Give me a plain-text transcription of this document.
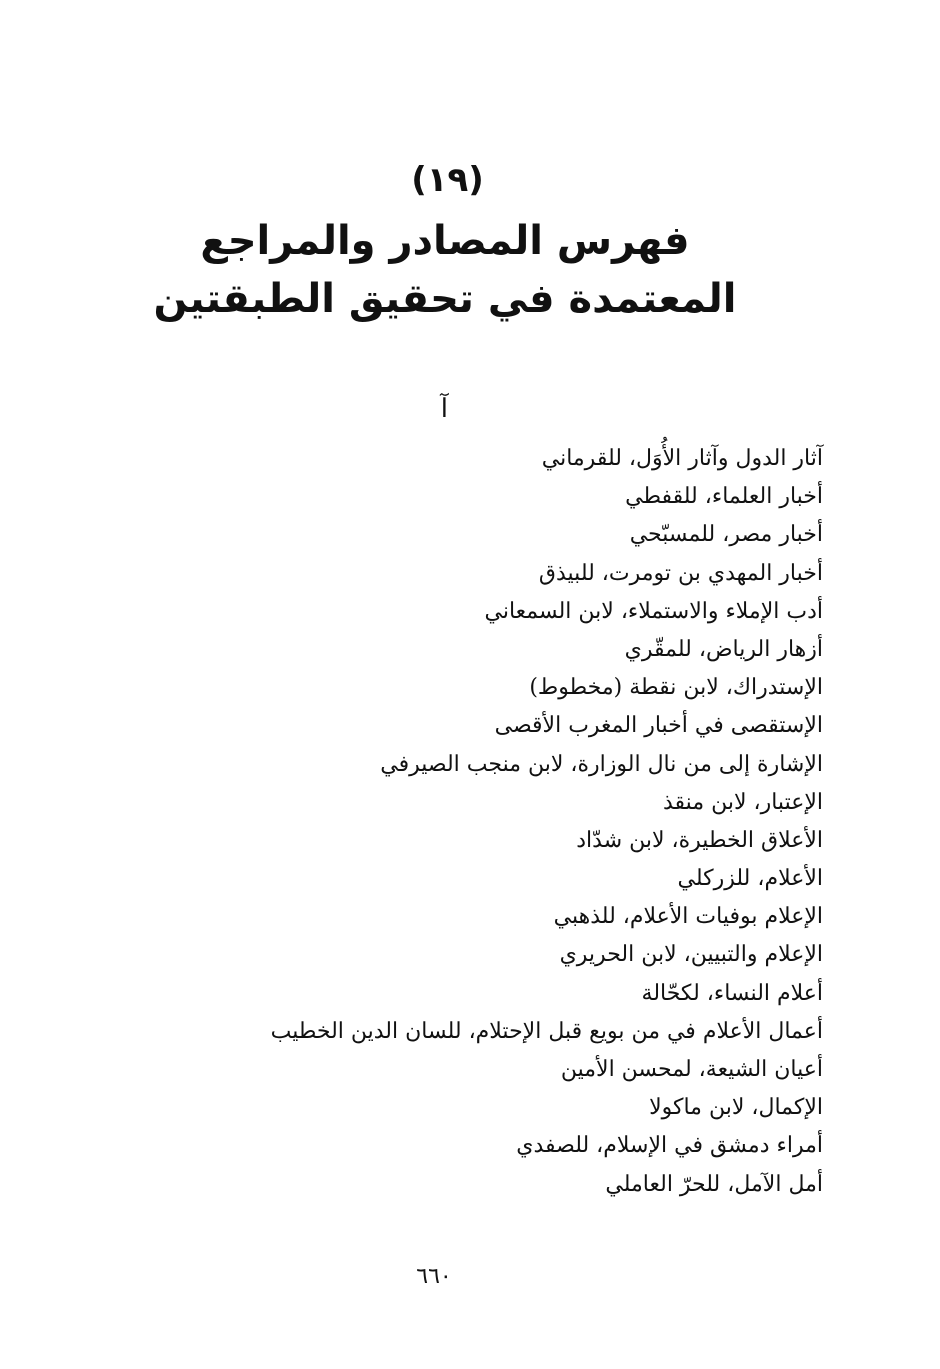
(١٩)
فهرس المصادر والمراجع
المعتمدة في تحقيق الطبقتين
آ
آثار الدول وآثار الأُوَل، للقرماني
أخبار العلماء، للقفطي
أخبار مصر، للمسبّحي
أخبار المهدي بن تومرت، للبيذق
أدب الإملاء والاستملاء، لابن السمعاني
أزهار الرياض، للمقّري
الإستدراك، لابن نقطة (مخطوط)
الإستقصى في أخبار المغرب الأقصى
الإشارة إلى من نال الوزارة، لابن منجب الصيرفي
الإعتبار، لابن منقذ
الأعلاق الخطيرة، لابن شدّاد
الأعلام، للزركلي
الإعلام بوفيات الأعلام، للذهبي
الإعلام والتبيين، لابن الحريري
أعلام النساء، لكحّالة
أعمال الأعلام في من بويع قبل الإحتلام، للسان الدين الخطيب
أعيان الشيعة، لمحسن الأمين
الإكمال، لابن ماكولا
أمراء دمشق في الإسلام، للصفدي
أمل الآمل، للحرّ العاملي
٦٦٠
